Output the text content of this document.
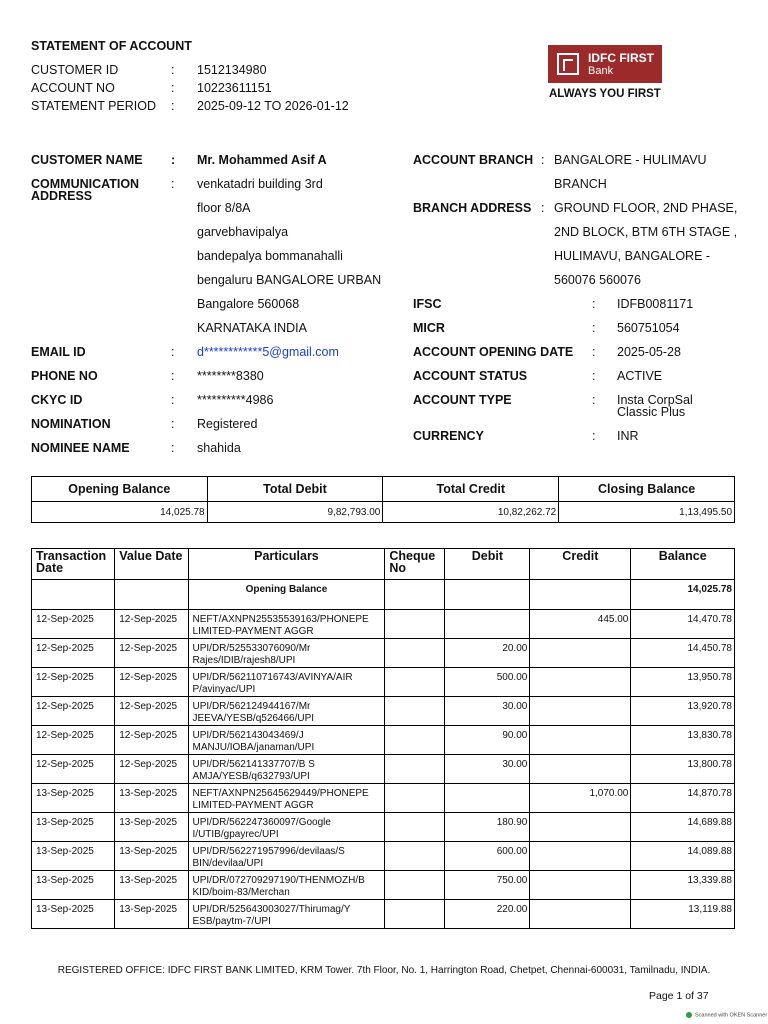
STATEMENT OF ACCOUNT
CUSTOMER ID	: 1512134980
ACCOUNT NO	: 10223611151
STATEMENT PERIOD	: 2025-09-12 TO 2026-01-12
IDFC FIRST
Bank
ALWAYS YOU FIRST
CUSTOMER NAME : Mr. Mohammed Asif A
COMMUNICATION
ADDRESS
: venkatadri building 3rd
floor 8/8A
garvebhavipalya
bandepalya bommanahalli
bengaluru BANGALORE URBAN
Bangalore 560068
KARNATAKA INDIA
EMAIL ID	: d************5@gmail.com
PHONE NO	: ********8380
CKYC ID	: **********4986
NOMINATION	: Registered
NOMINEE NAME	: shahida
ACCOUNT BRANCH : BANGALORE - HULIMAVU
BRANCH
BRANCH ADDRESS : GROUND FLOOR, 2ND PHASE,
2ND BLOCK, BTM 6TH STAGE ,
HULIMAVU, BANGALORE -
560076 560076
IFSC	: IDFB0081171
MICR	: 560751054
ACCOUNT OPENING DATE : 2025-05-28
ACCOUNT STATUS	: ACTIVE
ACCOUNT TYPE	: Insta CorpSal
Classic Plus
CURRENCY	: INR
Opening Balance	Total Debit	Total Credit	Closing Balance
14,025.78	9,82,793.00	10,82,262.72	1,13,495.50
Transaction
Date	Value Date	Particulars	Cheque
No	Debit	Credit	Balance
		Opening Balance				14,025.78
12-Sep-2025	12-Sep-2025	NEFT/AXNPN25535539163/PHONEPE
LIMITED-PAYMENT AGGR			445.00	14,470.78
12-Sep-2025	12-Sep-2025	UPI/DR/525533076090/Mr
Rajes/IDIB/rajesh8/UPI		20.00		14,450.78
12-Sep-2025	12-Sep-2025	UPI/DR/562110716743/AVINYA/AIR
P/avinyac/UPI		500.00		13,950.78
12-Sep-2025	12-Sep-2025	UPI/DR/562124944167/Mr
JEEVA/YESB/q526466/UPI		30.00		13,920.78
12-Sep-2025	12-Sep-2025	UPI/DR/562143043469/J
MANJU/IOBA/janaman/UPI		90.00		13,830.78
12-Sep-2025	12-Sep-2025	UPI/DR/562141337707/B S
AMJA/YESB/q632793/UPI		30.00		13,800.78
13-Sep-2025	13-Sep-2025	NEFT/AXNPN25645629449/PHONEPE
LIMITED-PAYMENT AGGR			1,070.00	14,870.78
13-Sep-2025	13-Sep-2025	UPI/DR/562247360097/Google
I/UTIB/gpayrec/UPI		180.90		14,689.88
13-Sep-2025	13-Sep-2025	UPI/DR/562271957996/devilaas/S
BIN/devilaa/UPI		600.00		14,089.88
13-Sep-2025	13-Sep-2025	UPI/DR/072709297190/THENMOZH/B
KID/boim-83/Merchan		750.00		13,339.88
13-Sep-2025	13-Sep-2025	UPI/DR/525643003027/Thirumag/Y
ESB/paytm-7/UPI		220.00		13,119.88
REGISTERED OFFICE: IDFC FIRST BANK LIMITED, KRM Tower. 7th Floor, No. 1, Harrington Road, Chetpet, Chennai-600031, Tamilnadu, INDIA.
Page 1 of 37
Scanned with OKEN Scanner
